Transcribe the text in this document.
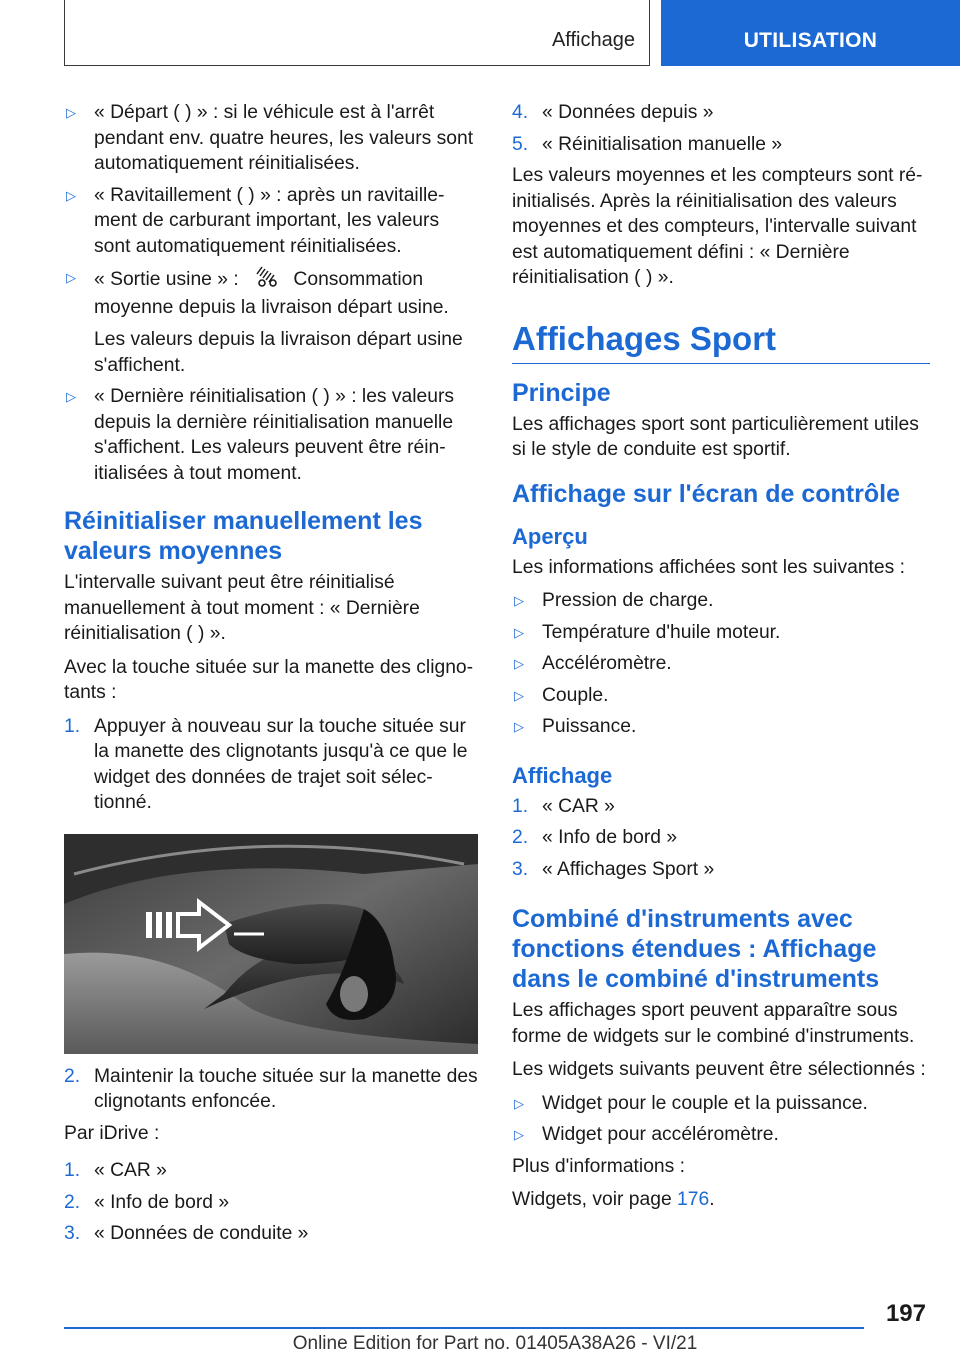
Affichage	UTILISATION
▷ « Départ ( ) » : si le véhicule est à l'arrêt pendant env. quatre heures, les valeurs sont automatiquement réinitialisées.
▷ « Ravitaillement ( ) » : après un ravitaillement de carburant important, les valeurs sont automatiquement réinitialisées.
▷ « Sortie usine » :	Consommation moyenne depuis la livraison départ usine.
Les valeurs depuis la livraison départ usine s'affichent.
▷ « Dernière réinitialisation ( ) » : les valeurs depuis la dernière réinitialisation manuelle s'affichent. Les valeurs peuvent être réinitialisées à tout moment.
Réinitialiser manuellement les valeurs moyennes

L'intervalle suivant peut être réinitialisé manuellement à tout moment : « Dernière réinitialisation ( ) ».

Avec la touche située sur la manette des clignotants :

1. Appuyer à nouveau sur la touche située sur la manette des clignotants jusqu'à ce que le widget des données de trajet soit sélectionné.
2. Maintenir la touche située sur la manette des clignotants enfoncée.

Par iDrive :

1. « CAR »
2. « Info de bord »
3. « Données de conduite »
4. « Données depuis »
5. « Réinitialisation manuelle »

Les valeurs moyennes et les compteurs sont réinitialisés. Après la réinitialisation des valeurs moyennes et des compteurs, l'intervalle suivant est automatiquement défini : « Dernière réinitialisation ( ) ».

Affichages Sport
Principe

Les affichages sport sont particulièrement utiles si le style de conduite est sportif.

Affichage sur l'écran de contrôle
Aperçu

Les informations affichées sont les suivantes :

▷ Pression de charge.
▷ Température d'huile moteur.
▷ Accéléromètre.
▷ Couple.
▷ Puissance.
Affichage
1. « CAR »
2. « Info de bord »
3. « Affichages Sport »
Combiné d'instruments avec fonctions étendues : Affichage dans le combiné d'instruments

Les affichages sport peuvent apparaître sous forme de widgets sur le combiné d'instruments.

Les widgets suivants peuvent être sélectionnés :

▷ Widget pour le couple et la puissance.
▷ Widget pour accéléromètre.

Plus d'informations :

Widgets, voir page 176.

197
Online Edition for Part no. 01405A38A26 - VI/21
